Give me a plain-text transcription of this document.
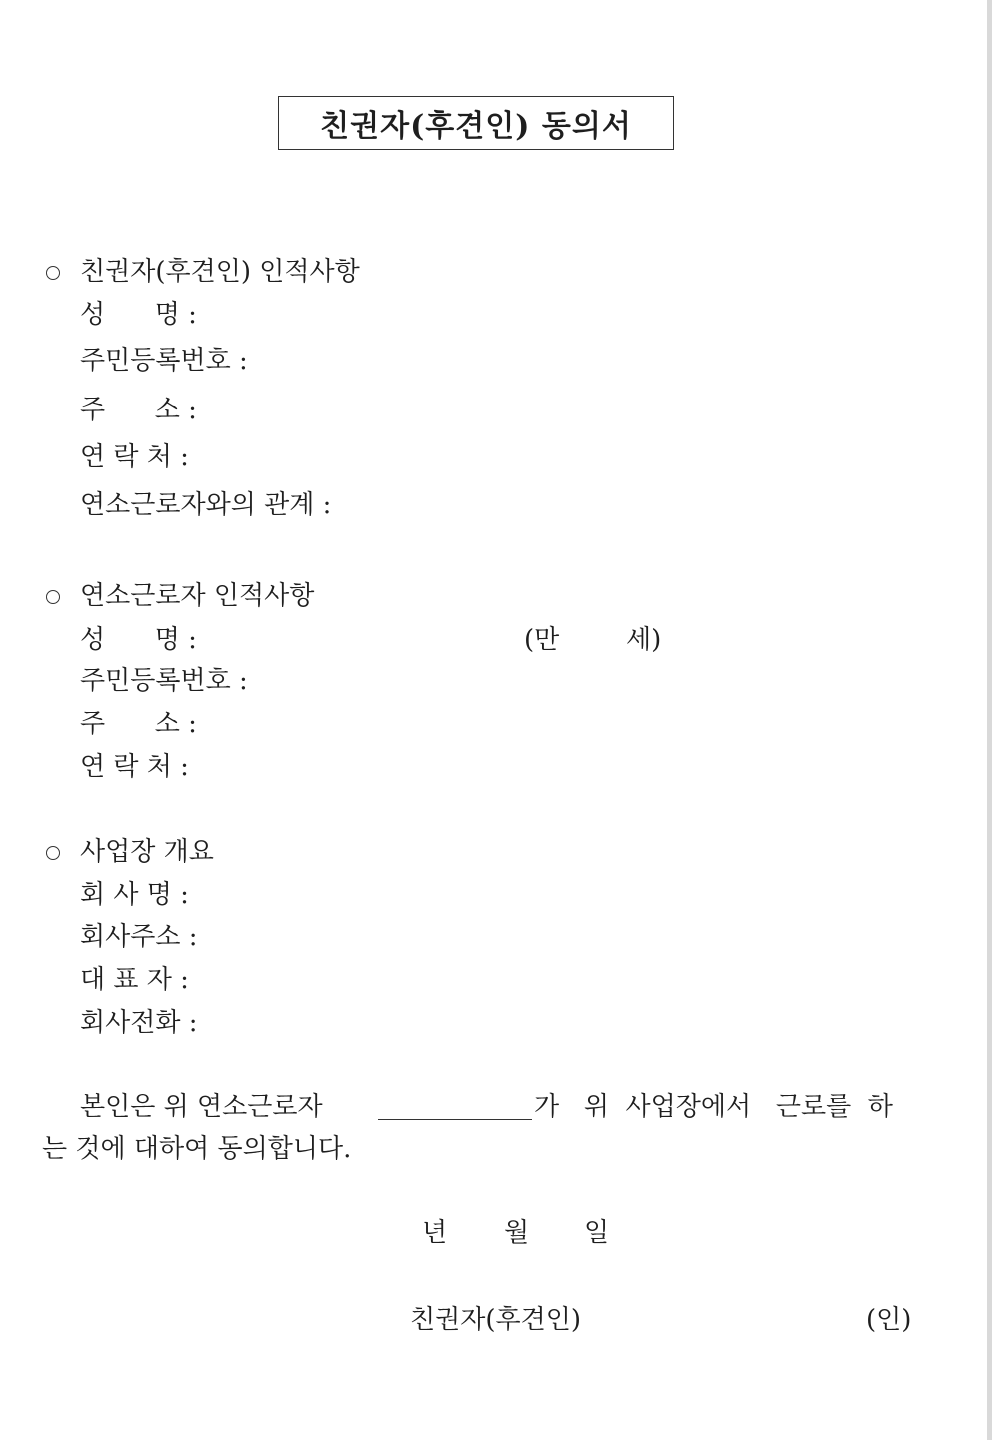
친권자(후견인) 동의서
친권자(후견인) 인적사항
성      명 :
주민등록번호 :
주      소 :
연 락 처 :
연소근로자와의 관계 :
연소근로자 인적사항
성      명 :	(만	세)
주민등록번호 :
주      소 :
연 락 처 :
사업장 개요
회 사 명 :
회사주소 :
대 표 자 :
회사전화 :
본인은 위 연소근로자	가   위  사업장에서   근로를  하
는 것에 대하여 동의합니다.
년 월 일
친권자(후견인)	(인)
